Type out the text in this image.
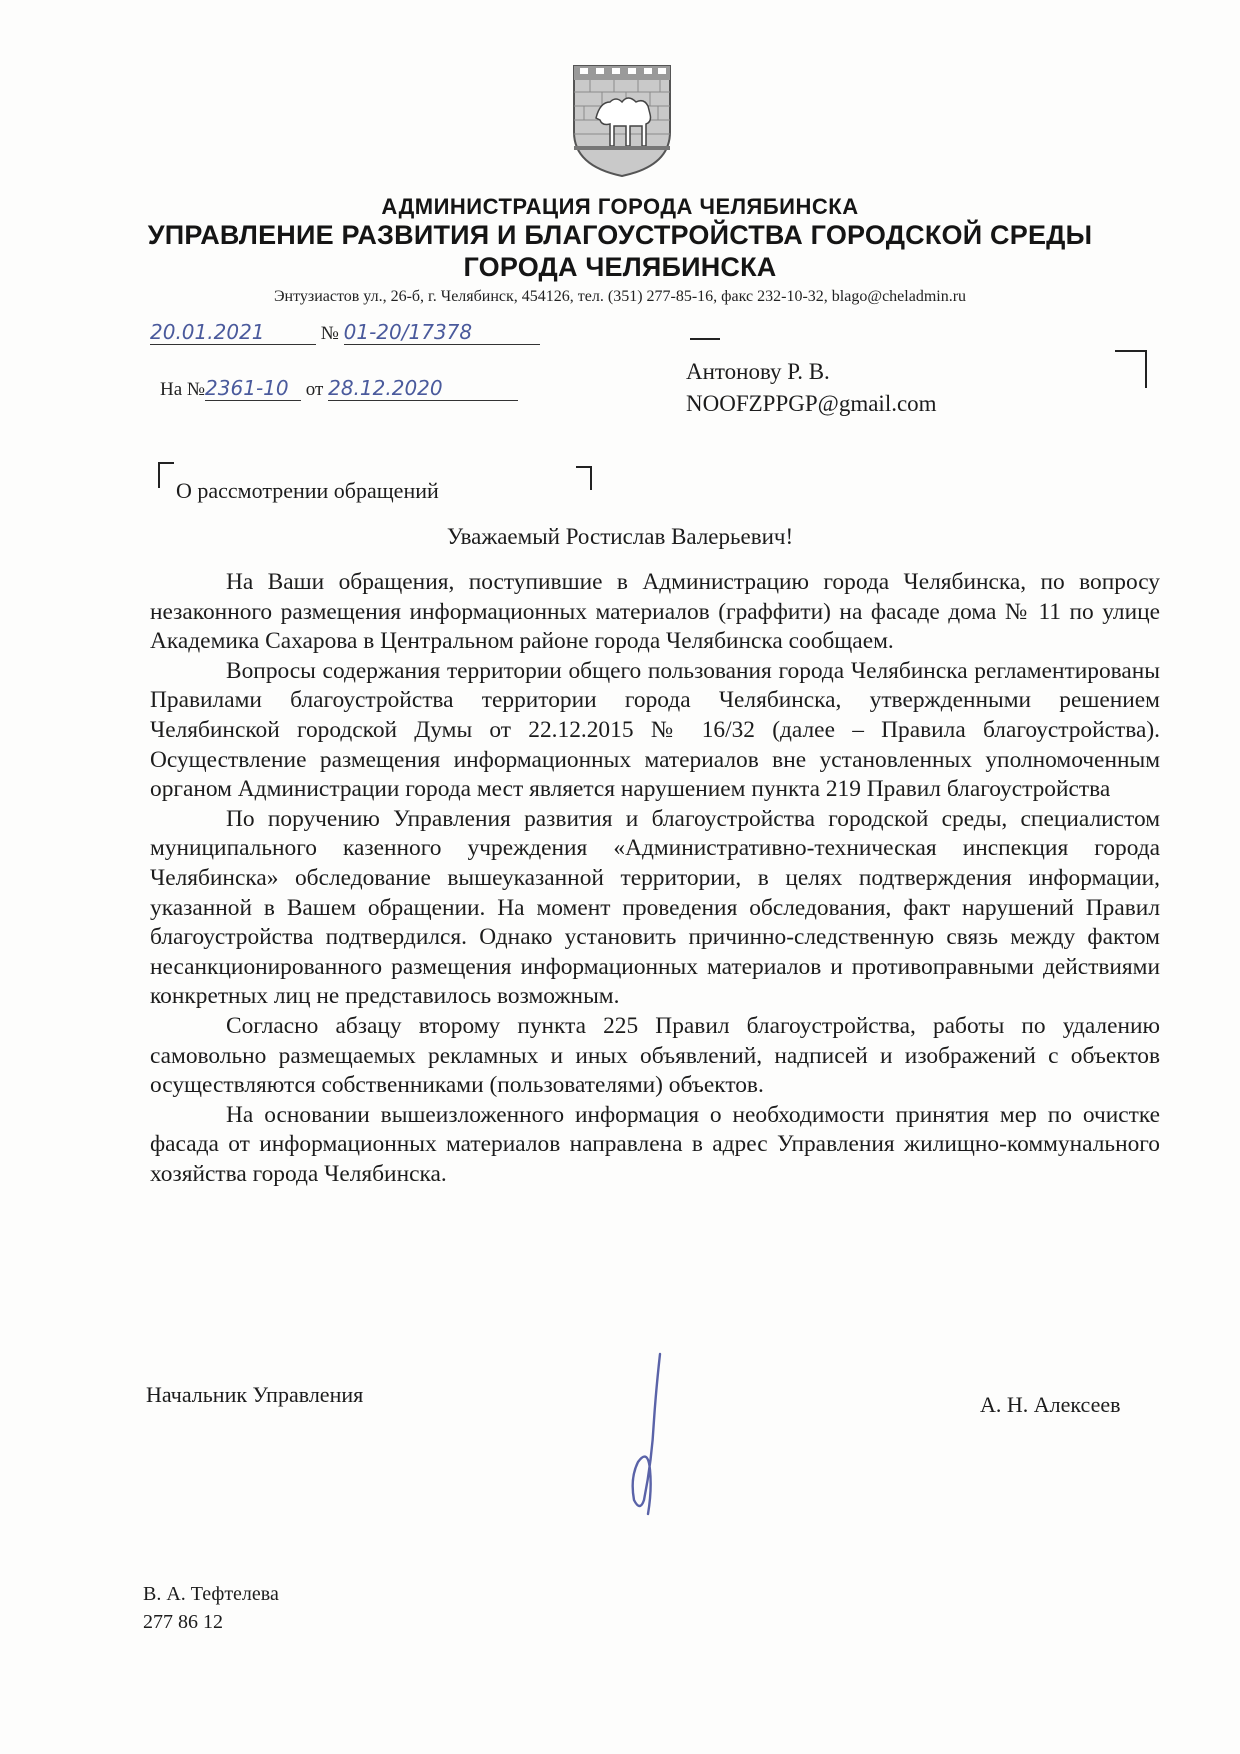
АДМИНИСТРАЦИЯ ГОРОДА ЧЕЛЯБИНСКА
УПРАВЛЕНИЕ РАЗВИТИЯ И БЛАГОУСТРОЙСТВА ГОРОДСКОЙ СРЕДЫ
ГОРОДА ЧЕЛЯБИНСКА
Энтузиастов ул., 26-б, г. Челябинск, 454126, тел. (351) 277-85-16, факс 232-10-32, blago@cheladmin.ru
20.01.2021	№ 01-20/17378
На №2361-10 от 28.12.2020
Антонову Р. В.
NOOFZPPGP@gmail.com
О рассмотрении обращений
Уважаемый Ростислав Валерьевич!

На Ваши обращения, поступившие в Администрацию города Челябинска, по вопросу незаконного размещения информационных материалов (граффити) на фасаде дома № 11 по улице Академика Сахарова в Центральном районе города Челябинска сообщаем.

Вопросы содержания территории общего пользования города Челябинска регламентированы Правилами благоустройства территории города Челябинска, утвержденными решением Челябинской городской Думы от 22.12.2015 № 16/32 (далее – Правила благоустройства). Осуществление размещения информационных материалов вне установленных уполномоченным органом Администрации города мест является нарушением пункта 219 Правил благоустройства

По поручению Управления развития и благоустройства городской среды, специалистом муниципального казенного учреждения «Административно-техническая инспекция города Челябинска» обследование вышеуказанной территории, в целях подтверждения информации, указанной в Вашем обращении. На момент проведения обследования, факт нарушений Правил благоустройства подтвердился. Однако установить причинно-следственную связь между фактом несанкционированного размещения информационных материалов и противоправными действиями конкретных лиц не представилось возможным.

Согласно абзацу второму пункта 225 Правил благоустройства, работы по удалению самовольно размещаемых рекламных и иных объявлений, надписей и изображений с объектов осуществляются собственниками (пользователями) объектов.

На основании вышеизложенного информация о необходимости принятия мер по очистке фасада от информационных материалов направлена в адрес Управления жилищно-коммунального хозяйства города Челябинска.

Начальник Управления	А. Н. Алексеев
В. А. Тефтелева
277 86 12
